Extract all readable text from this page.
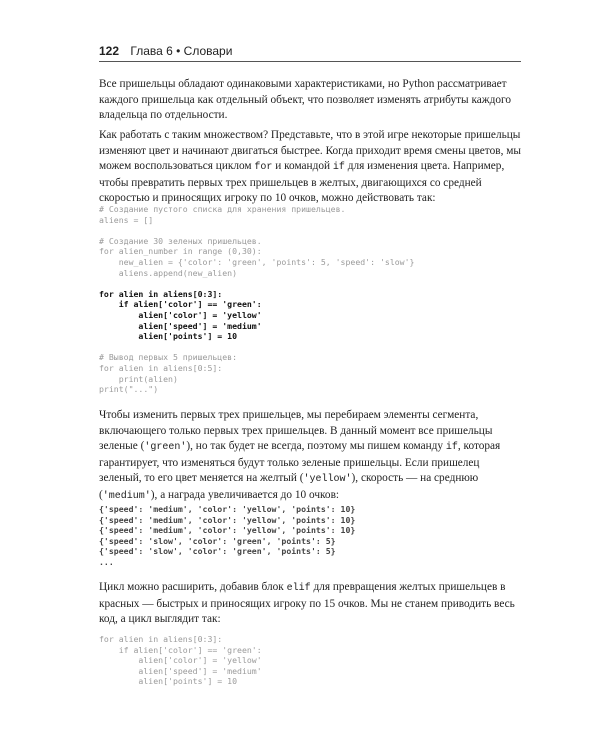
122 Глава 6 • Словари

Все пришельцы обладают одинаковыми характеристиками, но Python рассматривает каждого пришельца как отдельный объект, что позволяет изменять атрибуты каждого владельца по отдельности.

Как работать с таким множеством? Представьте, что в этой игре некоторые пришельцы изменяют цвет и начинают двигаться быстрее. Когда приходит время смены цветов, мы можем воспользоваться циклом for и командой if для изменения цвета. Например, чтобы превратить первых трех пришельцев в желтых, двигающихся со средней скоростью и приносящих игроку по 10 очков, можно действовать так:

# Создание пустого списка для хранения пришельцев.
aliens = []

# Создание 30 зеленых пришельцев.
for alien_number in range (0,30):
new_alien = {'color': 'green', 'points': 5, 'speed': 'slow'}
aliens.append(new_alien)

for alien in aliens[0:3]:
if alien['color'] == 'green':
alien['color'] = 'yellow'
alien['speed'] = 'medium'
alien['points'] = 10

# Вывод первых 5 пришельцев:
for alien in aliens[0:5]:
print(alien)
print("...")

Чтобы изменить первых трех пришельцев, мы перебираем элементы сегмента, включающего только первых трех пришельцев. В данный момент все пришельцы зеленые ('green'), но так будет не всегда, поэтому мы пишем команду if, которая гарантирует, что изменяться будут только зеленые пришельцы. Если пришелец зеленый, то его цвет меняется на желтый ('yellow'), скорость — на среднюю ('medium'), а награда увеличивается до 10 очков:

{'speed': 'medium', 'color': 'yellow', 'points': 10}
{'speed': 'medium', 'color': 'yellow', 'points': 10}
{'speed': 'medium', 'color': 'yellow', 'points': 10}
{'speed': 'slow', 'color': 'green', 'points': 5}
{'speed': 'slow', 'color': 'green', 'points': 5}
...

Цикл можно расширить, добавив блок elif для превращения желтых пришельцев в красных — быстрых и приносящих игроку по 15 очков. Мы не станем приводить весь код, а цикл выглядит так:

for alien in aliens[0:3]:
if alien['color'] == 'green':
alien['color'] = 'yellow'
alien['speed'] = 'medium'
alien['points'] = 10
